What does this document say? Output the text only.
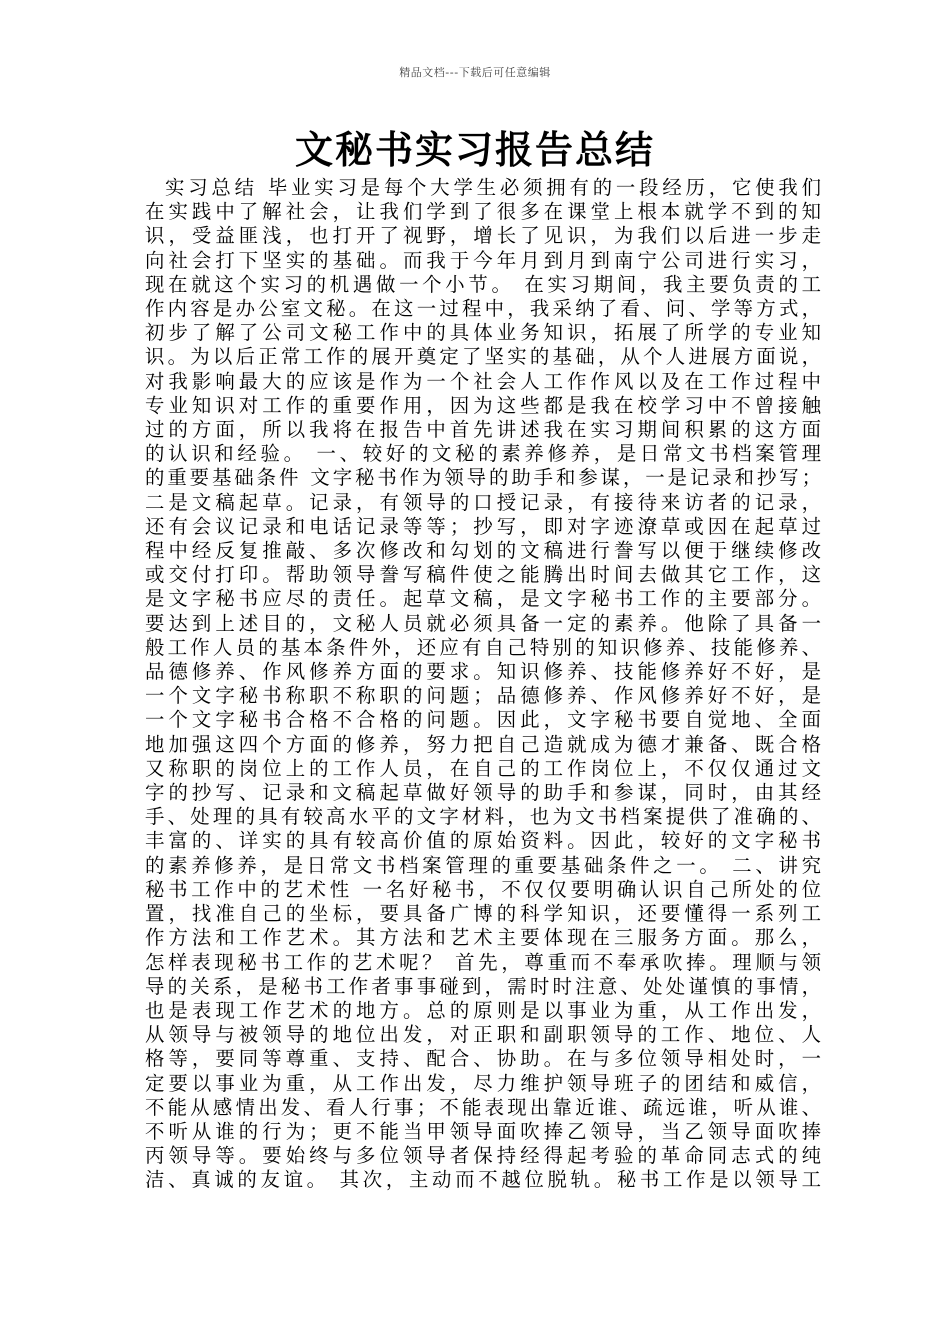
精品文档---下载后可任意编辑
文秘书实习报告总结
实习总结 毕业实习是每个大学生必须拥有的一段经历，它使我们
在实践中了解社会，让我们学到了很多在课堂上根本就学不到的知
识，受益匪浅，也打开了视野，增长了见识，为我们以后进一步走
向社会打下坚实的基础。而我于今年月到月到南宁公司进行实习，
现在就这个实习的机遇做一个小节。 在实习期间，我主要负责的工
作内容是办公室文秘。在这一过程中，我采纳了看、问、学等方式，
初步了解了公司文秘工作中的具体业务知识，拓展了所学的专业知
识。为以后正常工作的展开奠定了坚实的基础，从个人进展方面说，
对我影响最大的应该是作为一个社会人工作作风以及在工作过程中
专业知识对工作的重要作用，因为这些都是我在校学习中不曾接触
过的方面，所以我将在报告中首先讲述我在实习期间积累的这方面
的认识和经验。 一、较好的文秘的素养修养，是日常文书档案管理
的重要基础条件 文字秘书作为领导的助手和参谋，一是记录和抄写；
二是文稿起草。记录，有领导的口授记录，有接待来访者的记录，
还有会议记录和电话记录等等；抄写，即对字迹潦草或因在起草过
程中经反复推敲、多次修改和勾划的文稿进行誊写以便于继续修改
或交付打印。帮助领导誊写稿件使之能腾出时间去做其它工作，这
是文字秘书应尽的责任。起草文稿，是文字秘书工作的主要部分。
要达到上述目的，文秘人员就必须具备一定的素养。他除了具备一
般工作人员的基本条件外，还应有自己特别的知识修养、技能修养、
品德修养、作风修养方面的要求。知识修养、技能修养好不好，是
一个文字秘书称职不称职的问题；品德修养、作风修养好不好，是
一个文字秘书合格不合格的问题。因此，文字秘书要自觉地、全面
地加强这四个方面的修养，努力把自己造就成为德才兼备、既合格
又称职的岗位上的工作人员，在自己的工作岗位上，不仅仅通过文
字的抄写、记录和文稿起草做好领导的助手和参谋，同时，由其经
手、处理的具有较高水平的文字材料，也为文书档案提供了准确的、
丰富的、详实的具有较高价值的原始资料。因此，较好的文字秘书
的素养修养，是日常文书档案管理的重要基础条件之一。 二、讲究
秘书工作中的艺术性 一名好秘书，不仅仅要明确认识自己所处的位
置，找准自己的坐标，要具备广博的科学知识，还要懂得一系列工
作方法和工作艺术。其方法和艺术主要体现在三服务方面。那么，
怎样表现秘书工作的艺术呢？ 首先，尊重而不奉承吹捧。理顺与领
导的关系，是秘书工作者事事碰到，需时时注意、处处谨慎的事情，
也是表现工作艺术的地方。总的原则是以事业为重，从工作出发，
从领导与被领导的地位出发，对正职和副职领导的工作、地位、人
格等，要同等尊重、支持、配合、协助。在与多位领导相处时，一
定要以事业为重，从工作出发，尽力维护领导班子的团结和威信，
不能从感情出发、看人行事；不能表现出靠近谁、疏远谁，听从谁、
不听从谁的行为；更不能当甲领导面吹捧乙领导，当乙领导面吹捧
丙领导等。要始终与多位领导者保持经得起考验的革命同志式的纯
洁、真诚的友谊。 其次，主动而不越位脱轨。秘书工作是以领导工
